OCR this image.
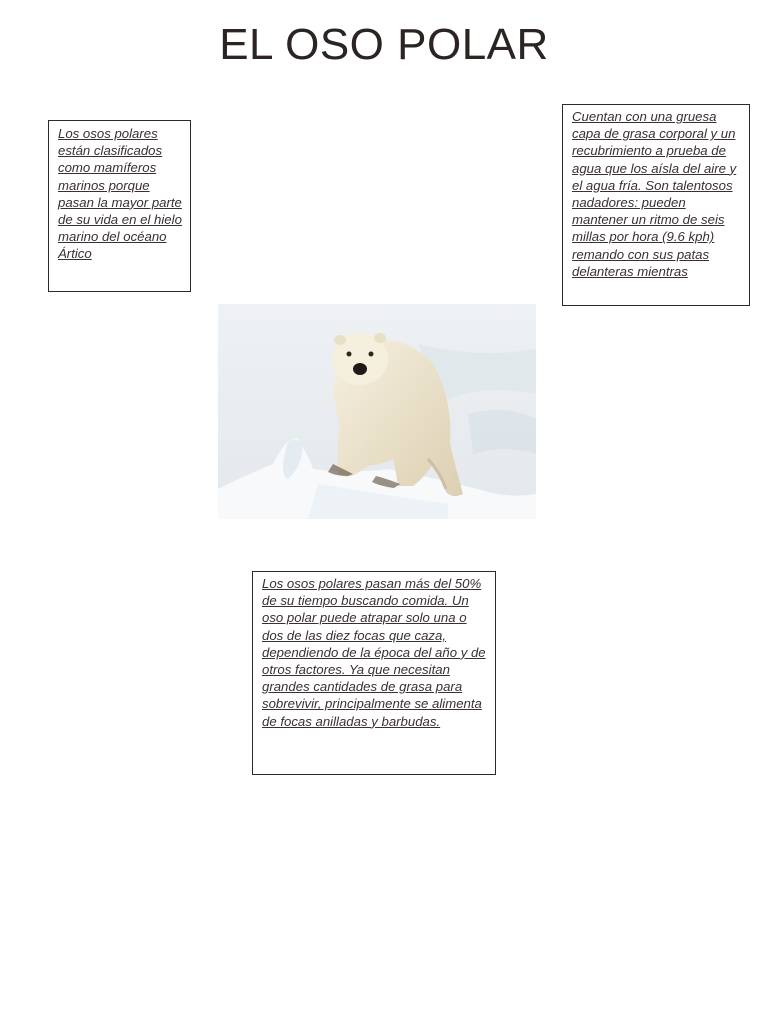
EL OSO POLAR

Los osos polares están clasificados como mamíferos marinos porque pasan la mayor parte de su vida en el hielo marino del océano Ártico

Cuentan con una gruesa capa de grasa corporal y un recubrimiento a prueba de agua que los aísla del aire y el agua fría. Son talentosos nadadores: pueden mantener un ritmo de seis millas por hora (9.6 kph) remando con sus patas delanteras mientras

Los osos polares pasan más del 50% de su tiempo buscando comida. Un oso polar puede atrapar solo una o dos de las diez focas que caza, dependiendo de la época del año y de otros factores. Ya que necesitan grandes cantidades de grasa para sobrevivir, principalmente se alimenta de focas anilladas y barbudas.
